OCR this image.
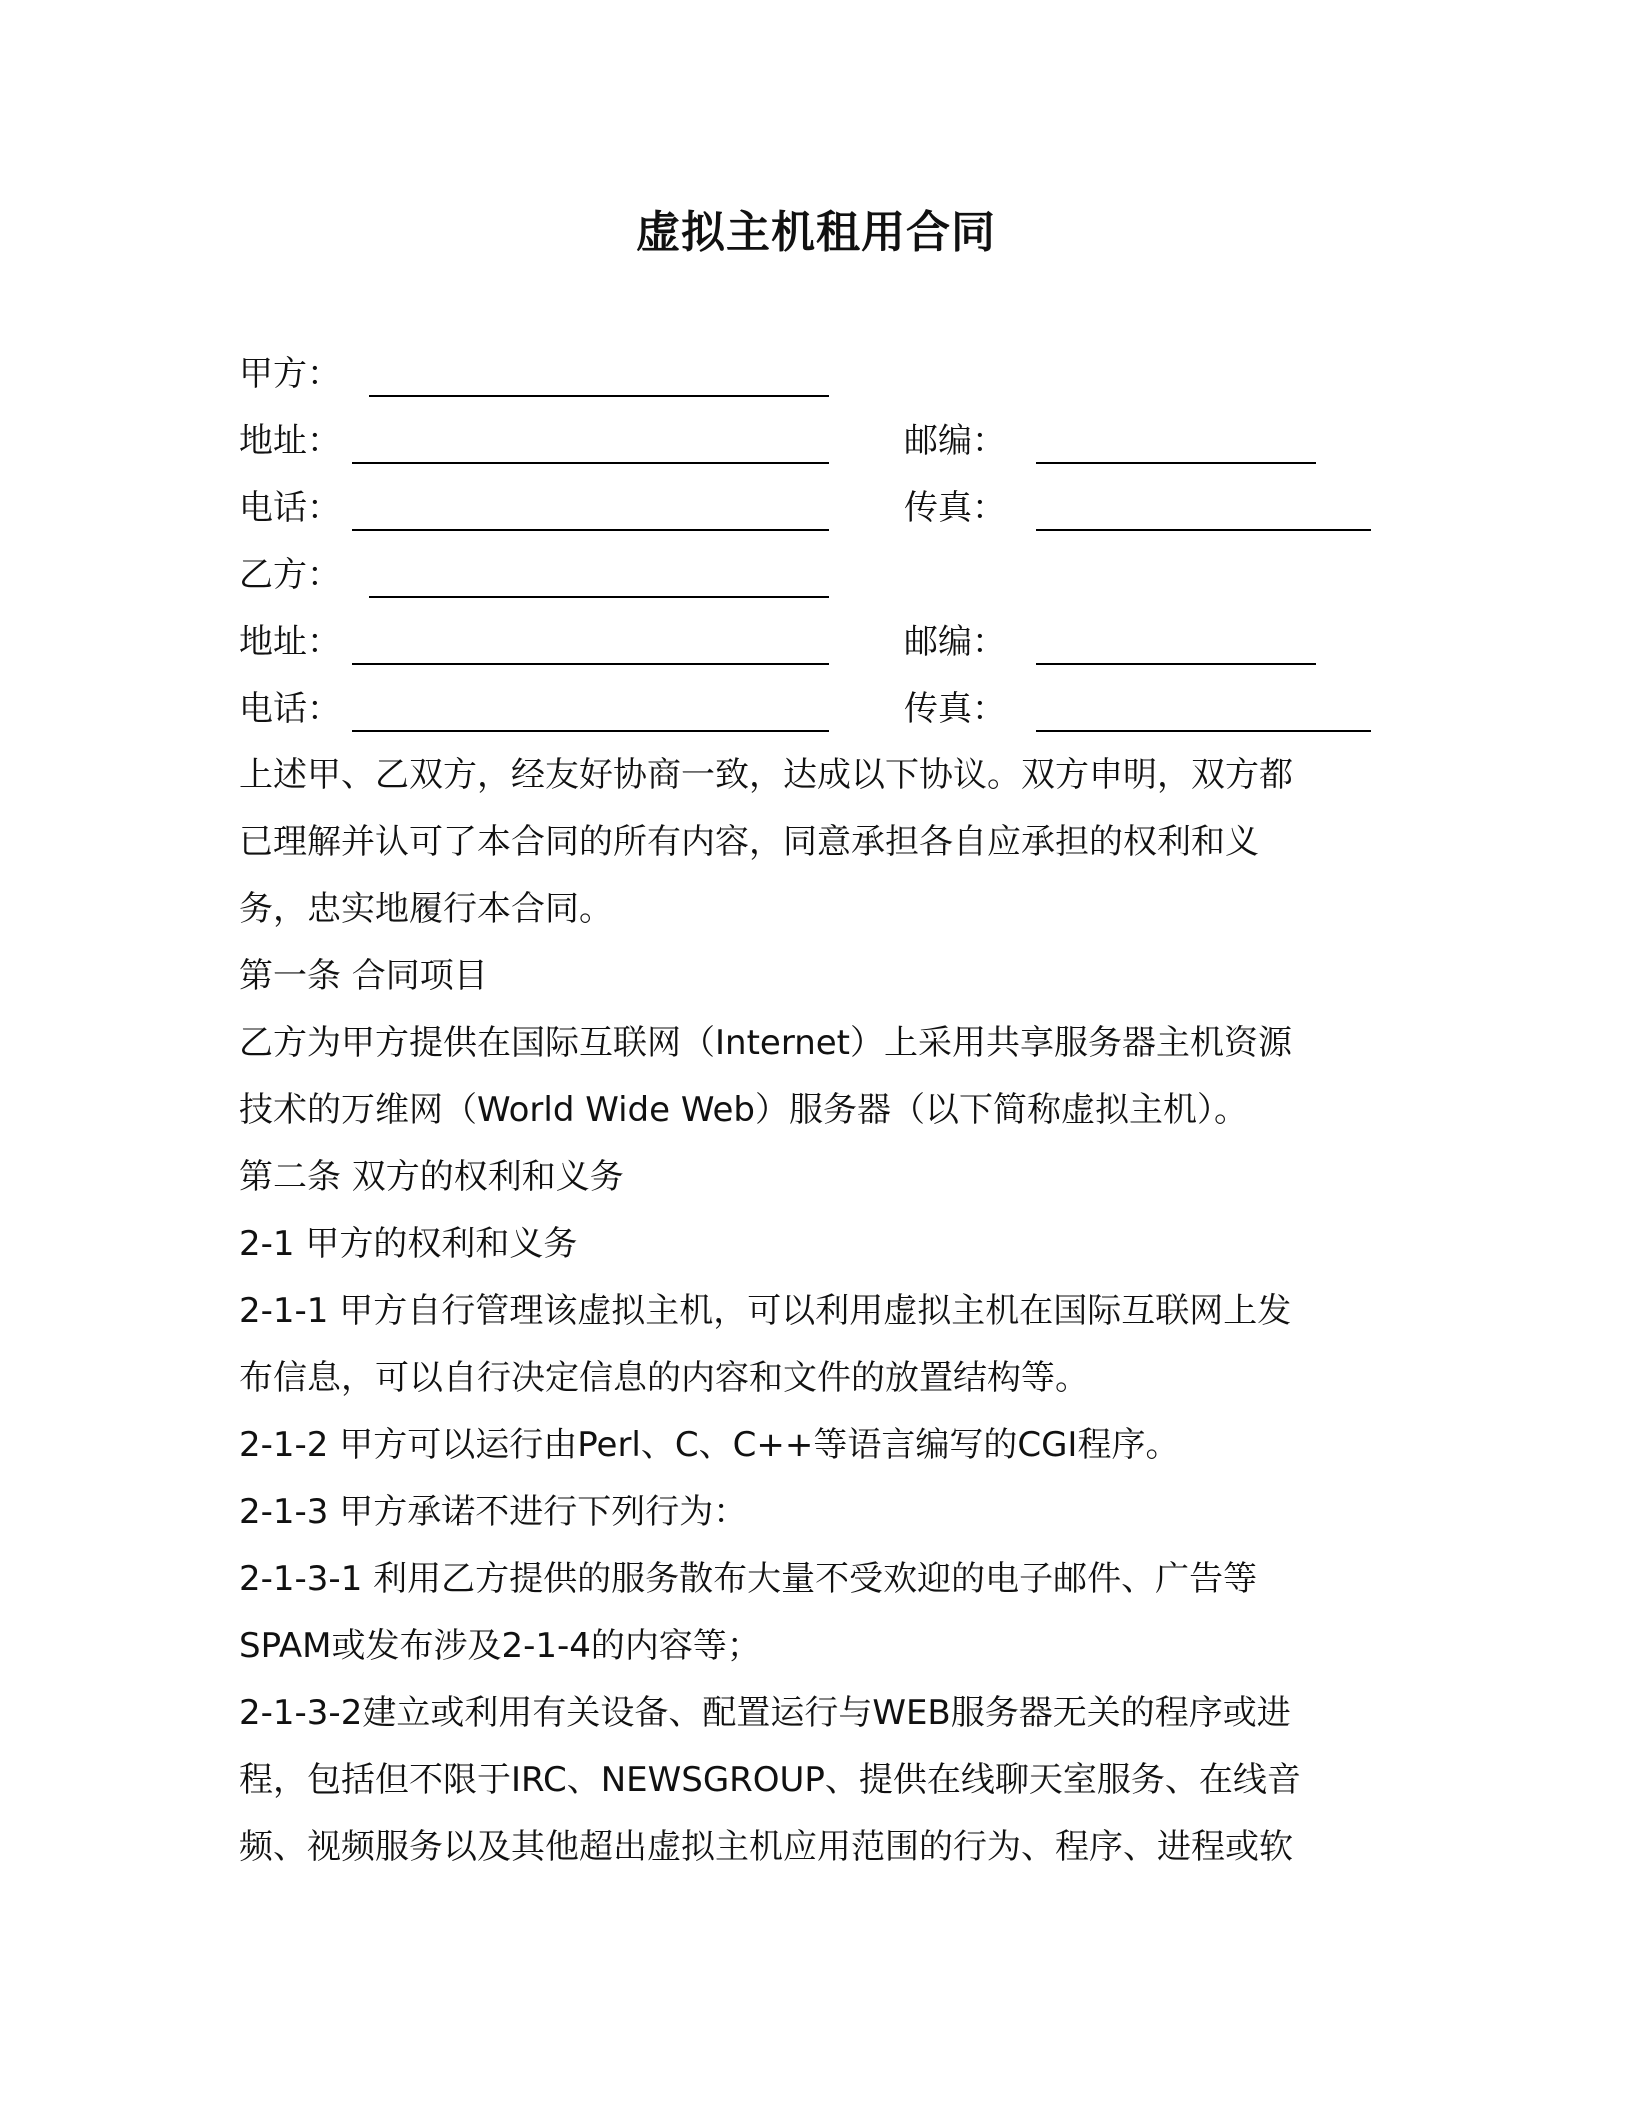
虚拟主机租用合同
甲方：
地址：	邮编：
电话：	传真：
乙方：
地址：	邮编：
电话：	传真：

上述甲、乙双方，经友好协商一致，达成以下协议。双方申明，双方都

已理解并认可了本合同的所有内容，同意承担各自应承担的权利和义

务，忠实地履行本合同。

第一条 合同项目

乙方为甲方提供在国际互联网（Internet）上采用共享服务器主机资源

技术的万维网（World Wide Web）服务器（以下简称虚拟主机）。

第二条 双方的权利和义务

2-1 甲方的权利和义务

2-1-1 甲方自行管理该虚拟主机，可以利用虚拟主机在国际互联网上发

布信息，可以自行决定信息的内容和文件的放置结构等。

2-1-2 甲方可以运行由Perl、C、C++等语言编写的CGI程序。

2-1-3 甲方承诺不进行下列行为：

2-1-3-1 利用乙方提供的服务散布大量不受欢迎的电子邮件、广告等

SPAM或发布涉及2-1-4的内容等；

2-1-3-2建立或利用有关设备、配置运行与WEB服务器无关的程序或进

程，包括但不限于IRC、NEWSGROUP、提供在线聊天室服务、在线音

频、视频服务以及其他超出虚拟主机应用范围的行为、程序、进程或软
